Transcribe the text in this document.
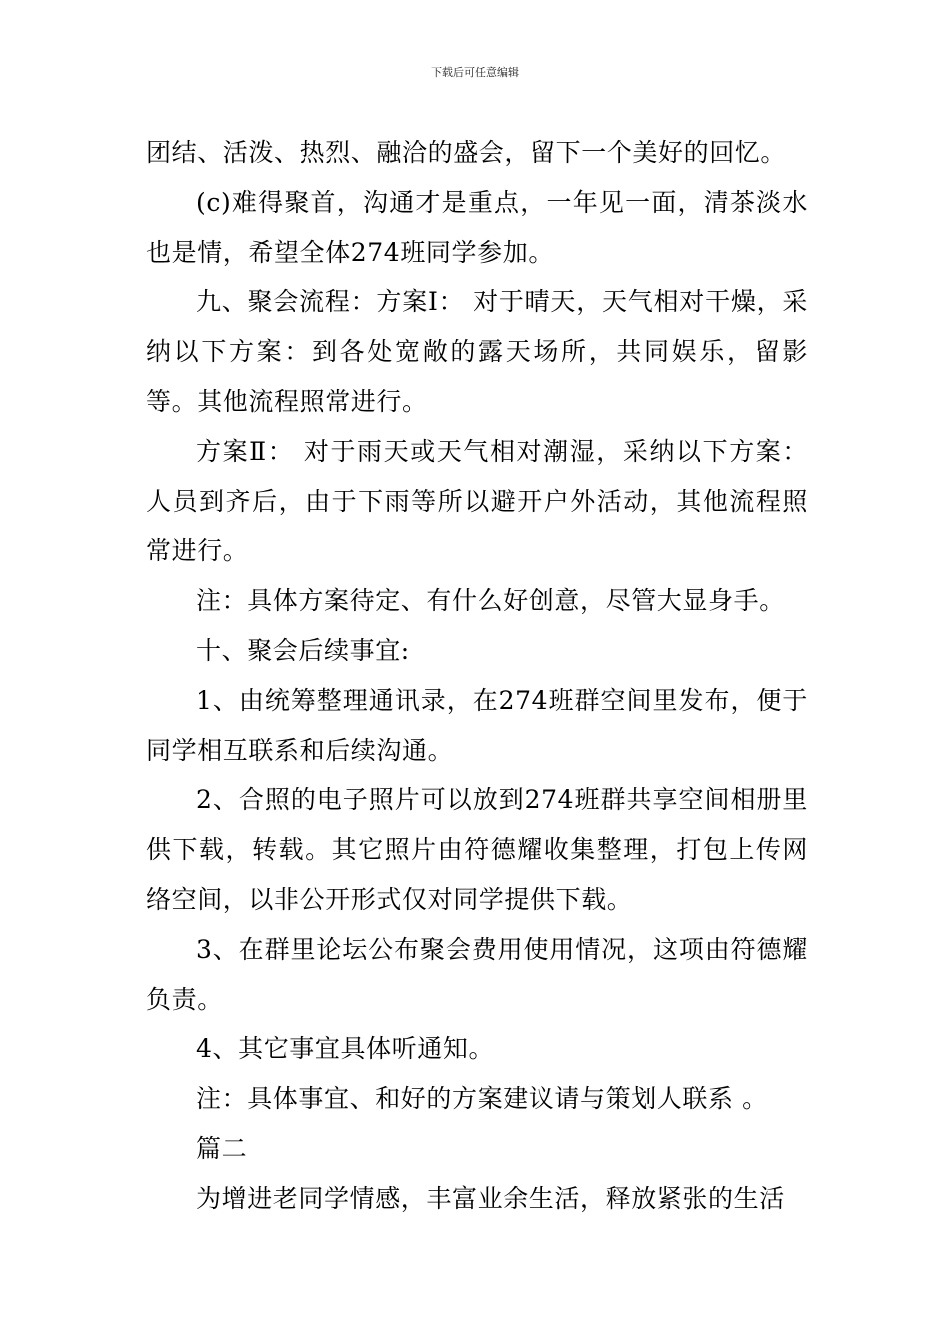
下载后可任意编辑

团结、活泼、热烈、融洽的盛会，留下一个美好的回忆。

(c)难得聚首，沟通才是重点，一年见一面，清茶淡水也是情，希望全体274班同学参加。

九、聚会流程：方案Ⅰ： 对于晴天，天气相对干燥，采纳以下方案：到各处宽敞的露天场所，共同娱乐，留影等。其他流程照常进行。

方案Ⅱ： 对于雨天或天气相对潮湿，采纳以下方案：人员到齐后，由于下雨等所以避开户外活动，其他流程照常进行。

注：具体方案待定、有什么好创意，尽管大显身手。

十、聚会后续事宜:

1、由统筹整理通讯录，在274班群空间里发布，便于同学相互联系和后续沟通。

2、合照的电子照片可以放到274班群共享空间相册里供下载，转载。其它照片由符德耀收集整理，打包上传网络空间，以非公开形式仅对同学提供下载。

3、在群里论坛公布聚会费用使用情况，这项由符德耀负责。

4、其它事宜具体听通知。

注：具体事宜、和好的方案建议请与策划人联系 。

篇二

为增进老同学情感，丰富业余生活，释放紧张的生活
